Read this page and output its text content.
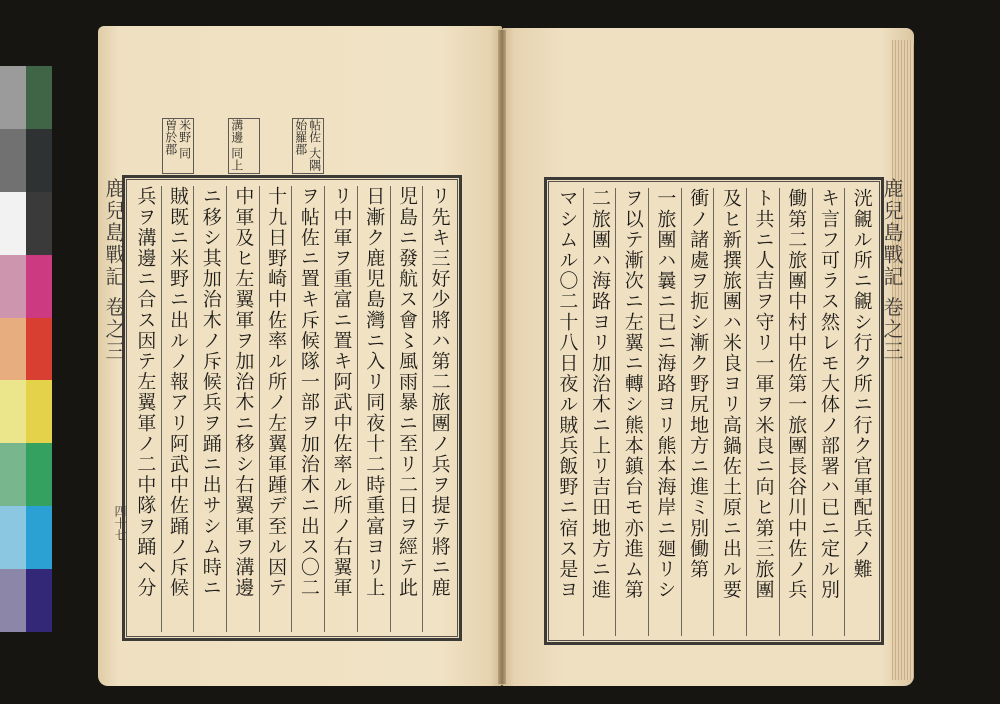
帖佐 大隅 始羅郡
溝邊 同上
米野 同 曽於郡
リ先キ三好少將ハ第二旅團ノ兵ヲ提テ將ニ鹿
児島ニ發航ス會〻風雨暴ニ至リ二日ヲ經テ此
日漸ク鹿児島灣ニ入リ同夜十二時重富ヨリ上
リ中軍ヲ重富ニ置キ阿武中佐率ル所ノ右翼軍
ヲ帖佐ニ置キ斥候隊一部ヲ加治木ニ出ス〇二
十九日野崎中佐率ル所ノ左翼軍踵デ至ル因テ
中軍及ヒ左翼軍ヲ加治木ニ移シ右翼軍ヲ溝邊
ニ移シ其加治木ノ斥候兵ヲ踊ニ出サシム時ニ
賊既ニ米野ニ出ルノ報アリ阿武中佐踊ノ斥候
兵ヲ溝邊ニ合ス因テ左翼軍ノ二中隊ヲ踊ヘ分	洸覦ル所ニ覦シ行ク所ニ行ク官軍配兵ノ難
キ言フ可ラス然レモ大体ノ部署ハ已ニ定ル別
働第二旅團中村中佐第一旅團長谷川中佐ノ兵
ト共ニ人吉ヲ守リ一軍ヲ米良ニ向ヒ第三旅團
及ヒ新撰旅團ハ米良ヨリ高鍋佐土原ニ出ル要
衝ノ諸處ヲ扼シ漸ク野尻地方ニ進ミ別働第
一旅團ハ曩ニ已ニ海路ヨリ熊本海岸ニ廻リシ
ヲ以テ漸次ニ左翼ニ轉シ熊本鎮台モ亦進ム第
二旅團ハ海路ヨリ加治木ニ上リ吉田地方ニ進
マシムル〇二十八日夜ル賊兵飯野ニ宿ス是ヨ
鹿兒島戰記 卷之三	鹿兒島戰記 卷之三
四十七
